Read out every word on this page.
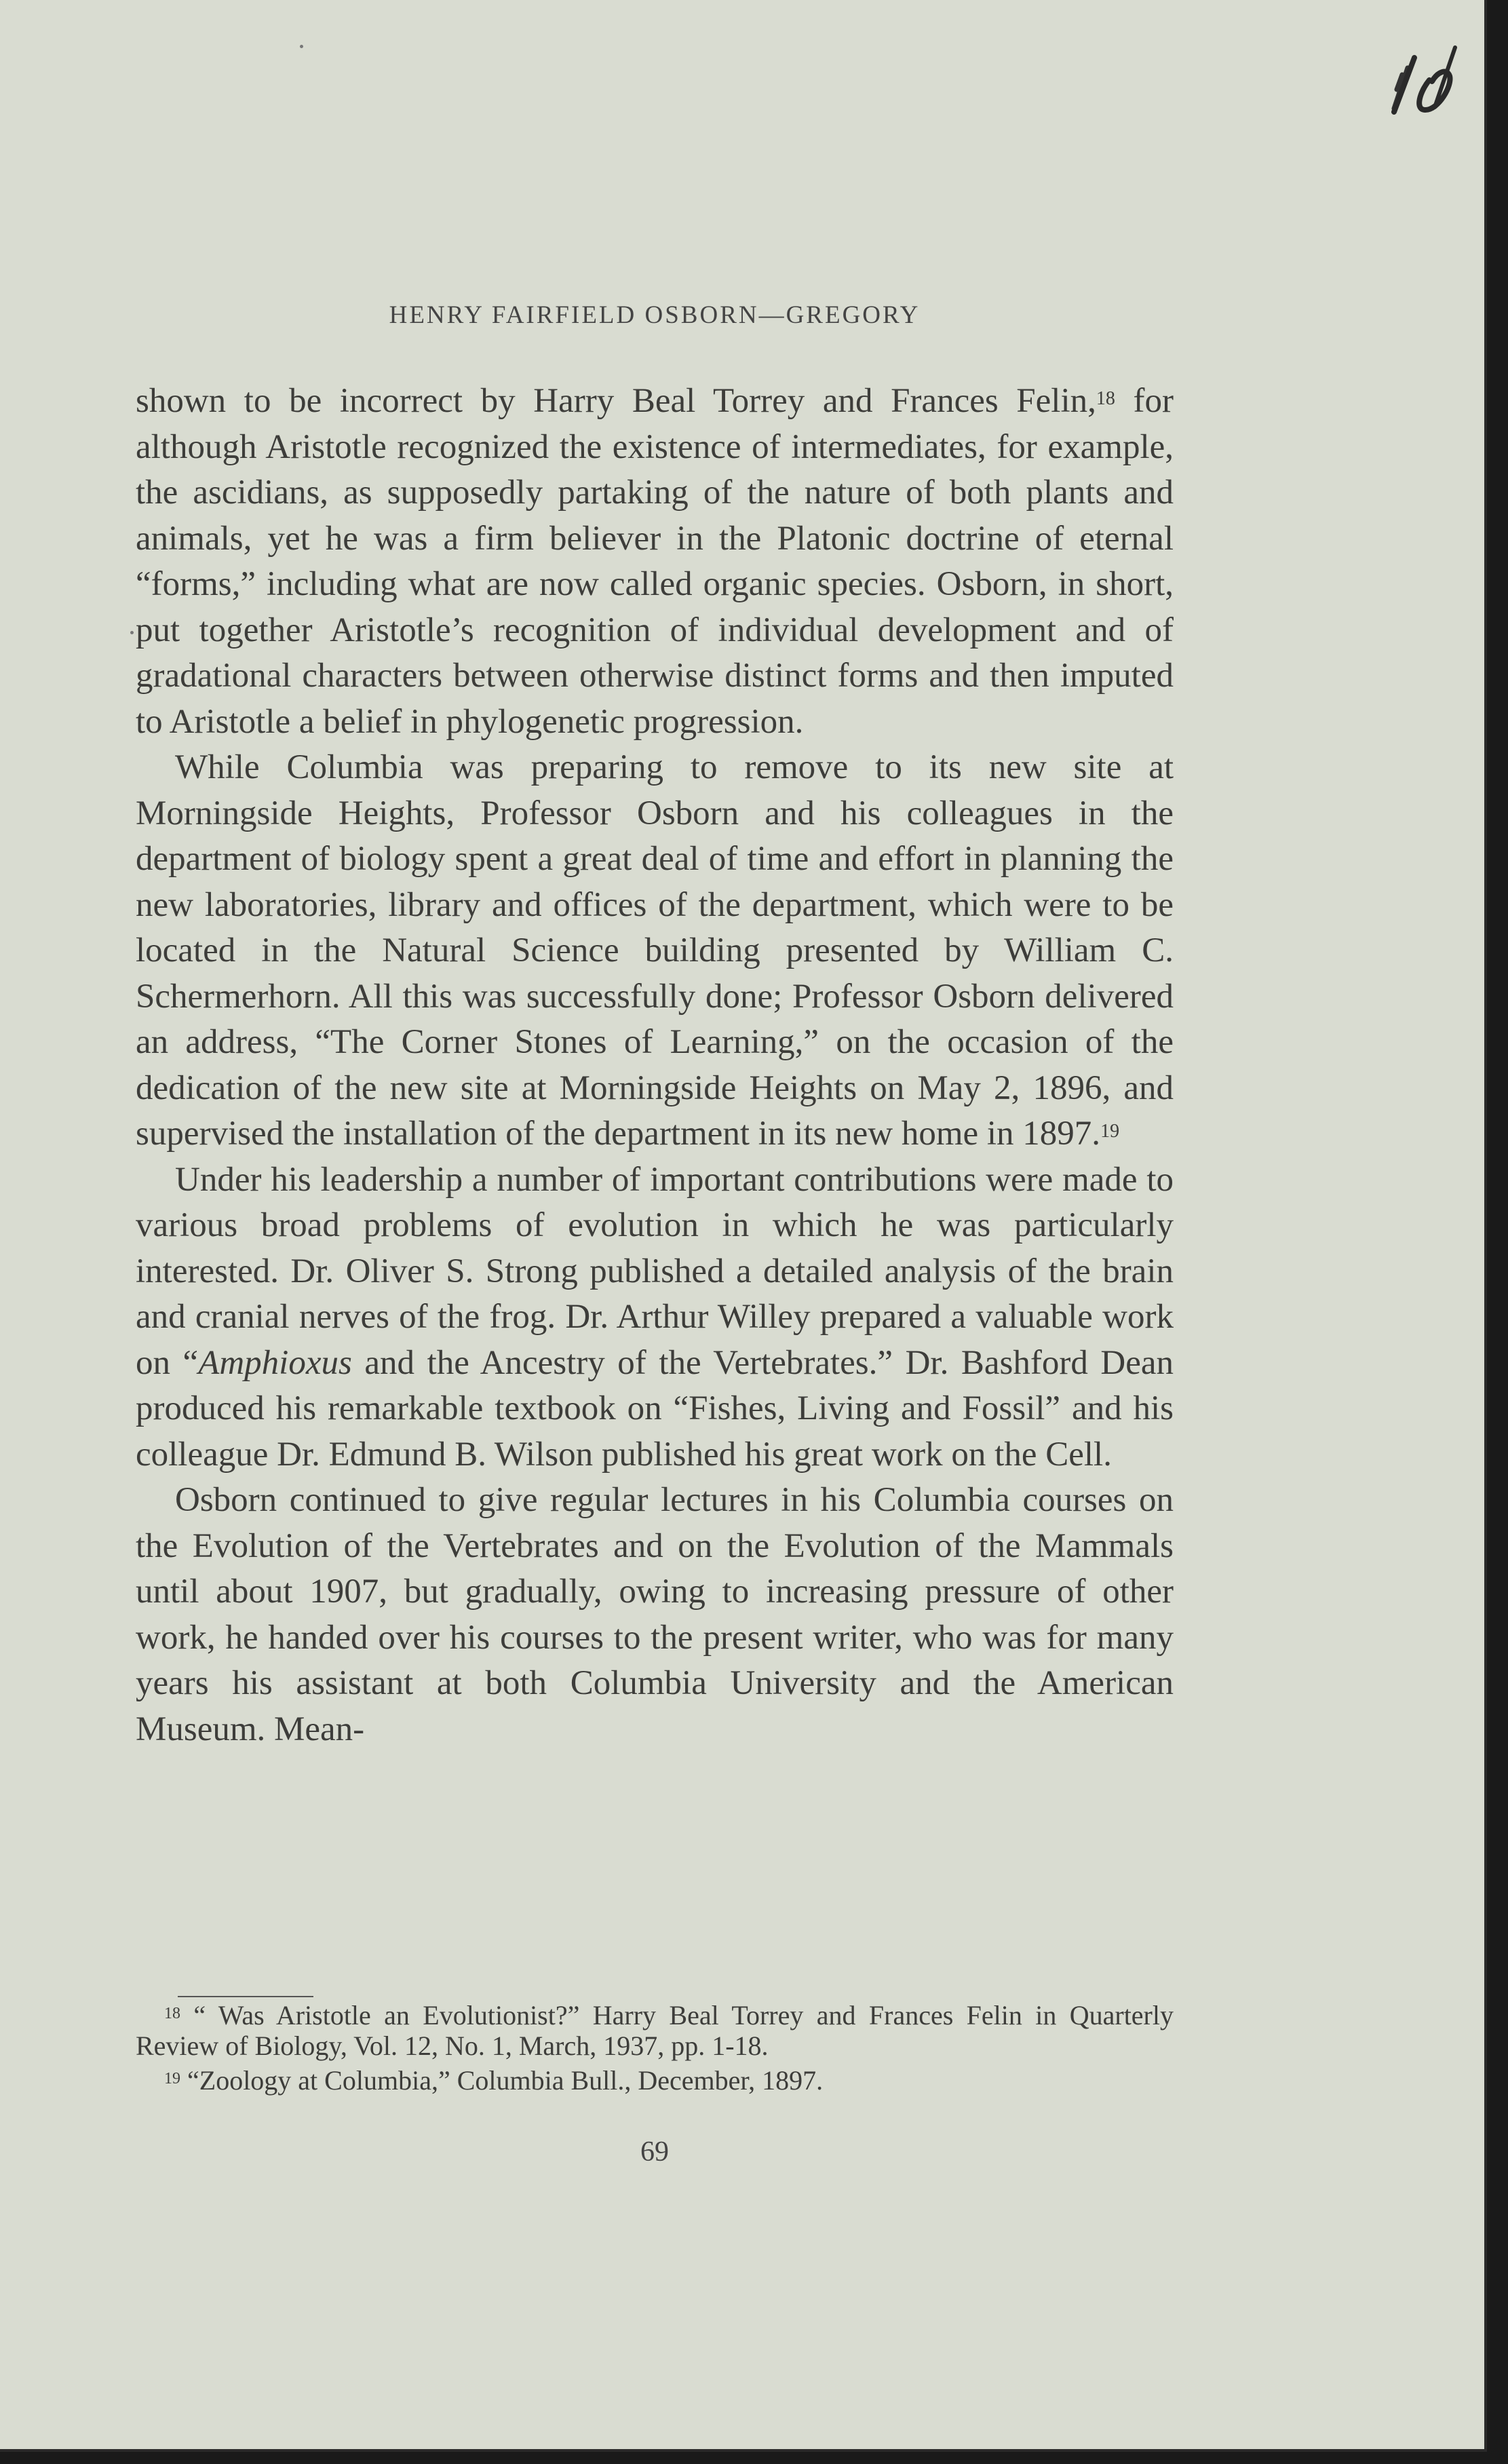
HENRY FAIRFIELD OSBORN—GREGORY

shown to be incorrect by Harry Beal Torrey and Frances Felin,$^{18}$ for although Aristotle recognized the existence of intermediates, for example, the ascidians, as supposedly partaking of the nature of both plants and animals, yet he was a firm believer in the Platonic doctrine of eternal “forms,” including what are now called organic species. Osborn, in short, put together Aristotle’s recognition of individual development and of gradational characters between otherwise distinct forms and then imputed to Aristotle a belief in phylogenetic progression.

While Columbia was preparing to remove to its new site at Morningside Heights, Professor Osborn and his colleagues in the department of biology spent a great deal of time and effort in planning the new laboratories, library and offices of the department, which were to be located in the Natural Science building presented by William C. Schermerhorn. All this was successfully done; Professor Osborn delivered an address, “The Corner Stones of Learning,” on the occasion of the dedication of the new site at Morningside Heights on May 2, 1896, and supervised the installation of the department in its new home in 1897.19

Under his leadership a number of important contributions were made to various broad problems of evolution in which he was particularly interested. Dr. Oliver S. Strong published a detailed analysis of the brain and cranial nerves of the frog. Dr. Arthur Willey prepared a valuable work on “Amphioxus and the Ancestry of the Vertebrates.” Dr. Bashford Dean produced his remarkable textbook on “Fishes, Living and Fossil” and his colleague Dr. Edmund B. Wilson published his great work on the Cell.

Osborn continued to give regular lectures in his Columbia courses on the Evolution of the Vertebrates and on the Evolution of the Mammals until about 1907, but gradually, owing to increasing pressure of other work, he handed over his courses to the present writer, who was for many years his assistant at both Columbia University and the American Museum. Mean-

$^{18}$ “ Was Aristotle an Evolutionist?” Harry Beal Torrey and Frances Felin in Quarterly Review of Biology, Vol. 12, No. 1, March, 1937, pp. 1-18.

$^{19}$ “Zoology at Columbia,” Columbia Bull., December, 1897.

69
